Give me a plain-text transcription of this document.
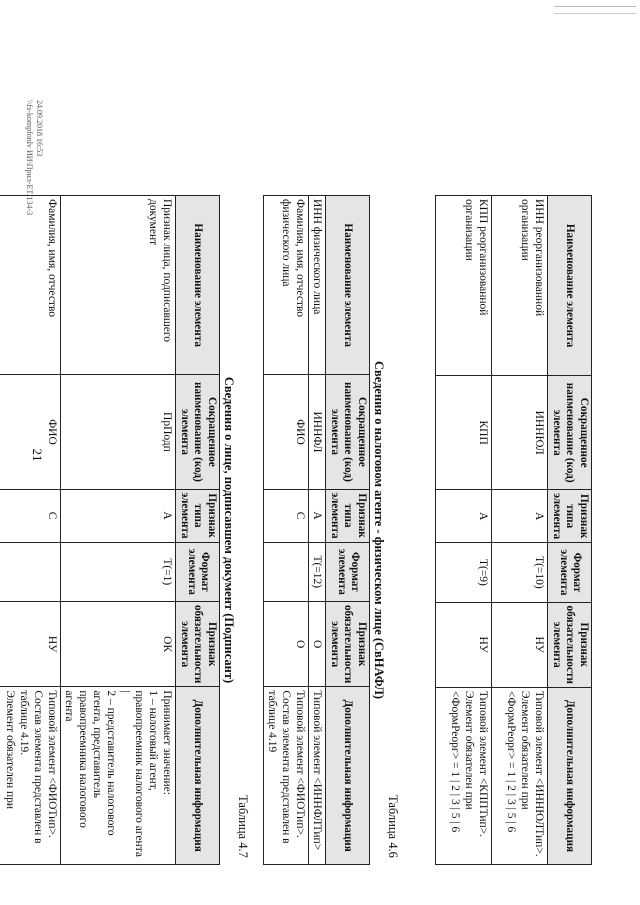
21
Наименование элемента	Сокращенное наименование (код) элемента	Признак типа элемента	Формат элемента	Признак обязательности элемента	Дополнительная информация
ИНН реорганизованной организации	ИННЮЛ	А	T(=10)	НУ	Типовой элемент <ИННЮЛТип>.
Элемент обязателен при
<ФормРеорг> = 1 | 2 | 3 | 5 | 6

КПП реорганизованной организации	КПП	А	T(=9)	НУ	Типовой элемент <КППТип>.
Элемент обязателен при
<ФормРеорг> = 1 | 2 | 3 | 5 | 6
Таблица 4.6
Сведения о налоговом агенте - физическом лице (СвНАФЛ)
Наименование элемента	Сокращенное наименование (код) элемента	Признак типа элемента	Формат элемента	Признак обязательности элемента	Дополнительная информация
ИНН физического лица	ИННФЛ	А	T(=12)	О	Типовой элемент <ИННФЛТип>

Фамилия, имя, отчество физического лица	ФИО	С		О	Типовой элемент <ФИОТип>.
Состав элемента представлен в таблице 4.19
Таблица 4.7
Сведения о лице, подписавшем документ (Подписант)
Наименование элемента	Сокращенное наименование (код) элемента	Признак типа элемента	Формат элемента	Признак обязательности элемента	Дополнительная информация
Признак лица, подписавшего документ	ПрПодп	А	T(=1)	ОК	Принимает значение:
1 – налоговый агент, правопреемник налогового агента |
2 – представитель налогового агента, представитель правопреемника налогового агента

Фамилия, имя, отчество	ФИО	С		НУ	Типовой элемент <ФИОТип>.
Состав элемента представлен в таблице 4.19.
Элемент обязателен при
24.09.2018 16:53
\\fs-kompfonlv ИИ\Прил-ЕТ/134-3
